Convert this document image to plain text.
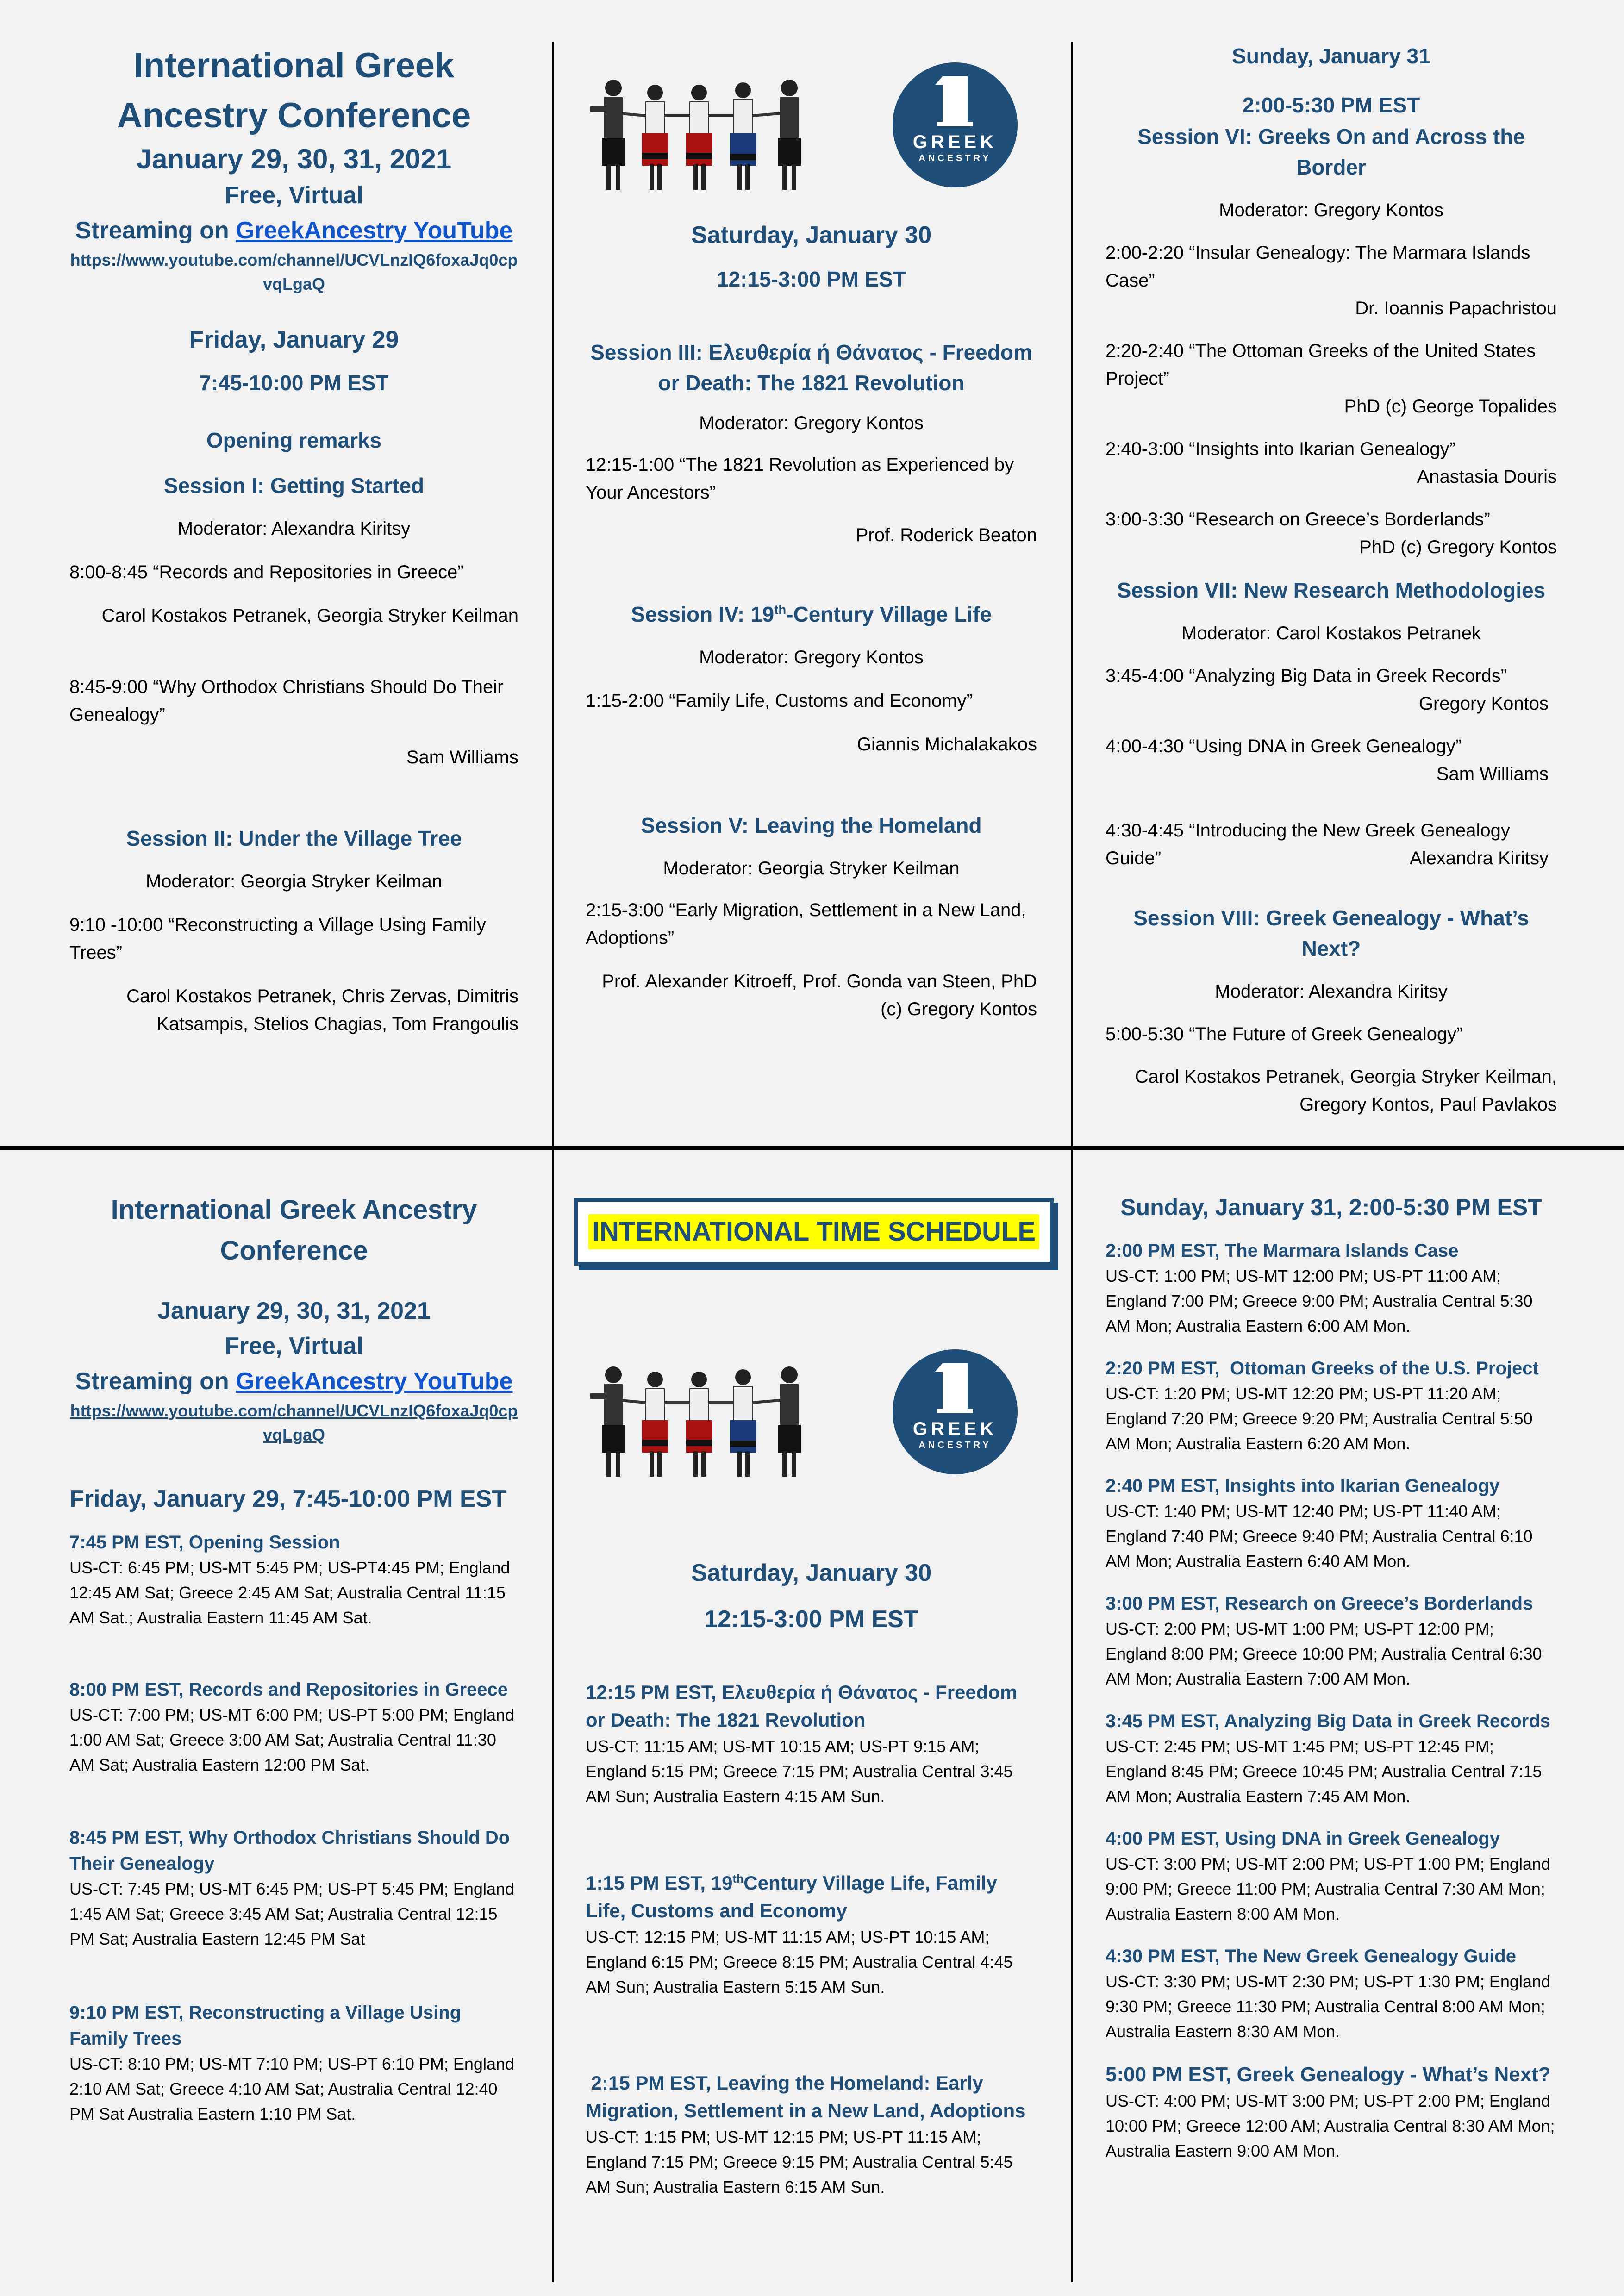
International Greek Ancestry Conference
January 29, 30, 31, 2021
Free, Virtual
Streaming on GreekAncestry YouTube
https://www.youtube.com/channel/UCVLnzIQ6foxaJq0cpvqLgaQ
Friday, January 29
7:45-10:00 PM EST
Opening remarks
Session I: Getting Started
Moderator: Alexandra Kiritsy
8:00-8:45 “Records and Repositories in Greece”
Carol Kostakos Petranek, Georgia Stryker Keilman
8:45-9:00 “Why Orthodox Christians Should Do Their Genealogy”
Sam Williams
Session II: Under the Village Tree
Moderator: Georgia Stryker Keilman
9:10 -10:00 “Reconstructing a Village Using Family Trees”
Carol Kostakos Petranek, Chris Zervas, Dimitris Katsampis, Stelios Chagias, Tom Frangoulis
GREEK
ANCESTRY
Saturday, January 30
12:15-3:00 PM EST
Session III: Ελευθερία ή Θάνατος - Freedom or Death: The 1821 Revolution
Moderator: Gregory Kontos
12:15-1:00 “The 1821 Revolution as Experienced by Your Ancestors”
Prof. Roderick Beaton
Session IV: 19th-Century Village Life
Moderator: Gregory Kontos
1:15-2:00 “Family Life, Customs and Economy”
Giannis Michalakakos
Session V: Leaving the Homeland
Moderator: Georgia Stryker Keilman
2:15-3:00 “Early Migration, Settlement in a New Land, Adoptions”
Prof. Alexander Kitroeff, Prof. Gonda van Steen, PhD (c) Gregory Kontos
Sunday, January 31
2:00-5:30 PM EST
Session VI: Greeks On and Across the Border
Moderator: Gregory Kontos
2:00-2:20 “Insular Genealogy: The Marmara Islands Case”
Dr. Ioannis Papachristou
2:20-2:40 “The Ottoman Greeks of the United States Project”
PhD (c) George Topalides
2:40-3:00 “Insights into Ikarian Genealogy”
Anastasia Douris
3:00-3:30 “Research on Greece’s Borderlands”
PhD (c) Gregory Kontos
Session VII: New Research Methodologies
Moderator: Carol Kostakos Petranek
3:45-4:00 “Analyzing Big Data in Greek Records”
Gregory Kontos
4:00-4:30 “Using DNA in Greek Genealogy”
Sam Williams
4:30-4:45 “Introducing the New Greek Genealogy Guide”	Alexandra Kiritsy
Session VIII: Greek Genealogy - What’s Next?
Moderator: Alexandra Kiritsy
5:00-5:30 “The Future of Greek Genealogy”
Carol Kostakos Petranek, Georgia Stryker Keilman, Gregory Kontos, Paul Pavlakos
International Greek Ancestry Conference
January 29, 30, 31, 2021
Free, Virtual
Streaming on GreekAncestry YouTube
https://www.youtube.com/channel/UCVLnzIQ6foxaJq0cpvqLgaQ
Friday, January 29, 7:45-10:00 PM EST

7:45 PM EST, Opening Session

US-CT: 6:45 PM; US-MT 5:45 PM; US-PT4:45 PM; England 12:45 AM Sat; Greece 2:45 AM Sat; Australia Central 11:15 AM Sat.; Australia Eastern 11:45 AM Sat.

8:00 PM EST, Records and Repositories in Greece

US-CT: 7:00 PM; US-MT 6:00 PM; US-PT 5:00 PM; England 1:00 AM Sat; Greece 3:00 AM Sat; Australia Central 11:30 AM Sat; Australia Eastern 12:00 PM Sat.

8:45 PM EST, Why Orthodox Christians Should Do Their Genealogy

US-CT: 7:45 PM; US-MT 6:45 PM; US-PT 5:45 PM; England 1:45 AM Sat; Greece 3:45 AM Sat; Australia Central 12:15 PM Sat; Australia Eastern 12:45 PM Sat

9:10 PM EST, Reconstructing a Village Using Family Trees

US-CT: 8:10 PM; US-MT 7:10 PM; US-PT 6:10 PM; England 2:10 AM Sat; Greece 4:10 AM Sat; Australia Central 12:40 PM Sat Australia Eastern 1:10 PM Sat.

INTERNATIONAL TIME SCHEDULE
GREEK
ANCESTRY
Saturday, January 30
12:15-3:00 PM EST

12:15 PM EST, Ελευθερία ή Θάνατος - Freedom or Death: The 1821 Revolution

US-CT: 11:15 AM; US-MT 10:15 AM; US-PT 9:15 AM; England 5:15 PM; Greece 7:15 PM; Australia Central 3:45 AM Sun; Australia Eastern 4:15 AM Sun.

1:15 PM EST, 19thCentury Village Life, Family Life, Customs and Economy

US-CT: 12:15 PM; US-MT 11:15 AM; US-PT 10:15 AM; England 6:15 PM; Greece 8:15 PM; Australia Central 4:45 AM Sun; Australia Eastern 5:15 AM Sun.

2:15 PM EST, Leaving the Homeland: Early Migration, Settlement in a New Land, Adoptions

US-CT: 1:15 PM; US-MT 12:15 PM; US-PT 11:15 AM; England 7:15 PM; Greece 9:15 PM; Australia Central 5:45 AM Sun; Australia Eastern 6:15 AM Sun.

Sunday, January 31, 2:00-5:30 PM EST

2:00 PM EST, The Marmara Islands Case

US-CT: 1:00 PM; US-MT 12:00 PM; US-PT 11:00 AM; England 7:00 PM; Greece 9:00 PM; Australia Central 5:30 AM Mon; Australia Eastern 6:00 AM Mon.

2:20 PM EST,  Ottoman Greeks of the U.S. Project

US-CT: 1:20 PM; US-MT 12:20 PM; US-PT 11:20 AM; England 7:20 PM; Greece 9:20 PM; Australia Central 5:50 AM Mon; Australia Eastern 6:20 AM Mon.

2:40 PM EST, Insights into Ikarian Genealogy

US-CT: 1:40 PM; US-MT 12:40 PM; US-PT 11:40 AM; England 7:40 PM; Greece 9:40 PM; Australia Central 6:10 AM Mon; Australia Eastern 6:40 AM Mon.

3:00 PM EST, Research on Greece’s Borderlands

US-CT: 2:00 PM; US-MT 1:00 PM; US-PT 12:00 PM; England 8:00 PM; Greece 10:00 PM; Australia Central 6:30 AM Mon; Australia Eastern 7:00 AM Mon.

3:45 PM EST, Analyzing Big Data in Greek Records

US-CT: 2:45 PM; US-MT 1:45 PM; US-PT 12:45 PM; England 8:45 PM; Greece 10:45 PM; Australia Central 7:15 AM Mon; Australia Eastern 7:45 AM Mon.

4:00 PM EST, Using DNA in Greek Genealogy

US-CT: 3:00 PM; US-MT 2:00 PM; US-PT 1:00 PM; England 9:00 PM; Greece 11:00 PM; Australia Central 7:30 AM Mon; Australia Eastern 8:00 AM Mon.

4:30 PM EST, The New Greek Genealogy Guide

US-CT: 3:30 PM; US-MT 2:30 PM; US-PT 1:30 PM; England 9:30 PM; Greece 11:30 PM; Australia Central 8:00 AM Mon; Australia Eastern 8:30 AM Mon.

5:00 PM EST, Greek Genealogy - What’s Next?

US-CT: 4:00 PM; US-MT 3:00 PM; US-PT 2:00 PM; England 10:00 PM; Greece 12:00 AM; Australia Central 8:30 AM Mon; Australia Eastern 9:00 AM Mon.
